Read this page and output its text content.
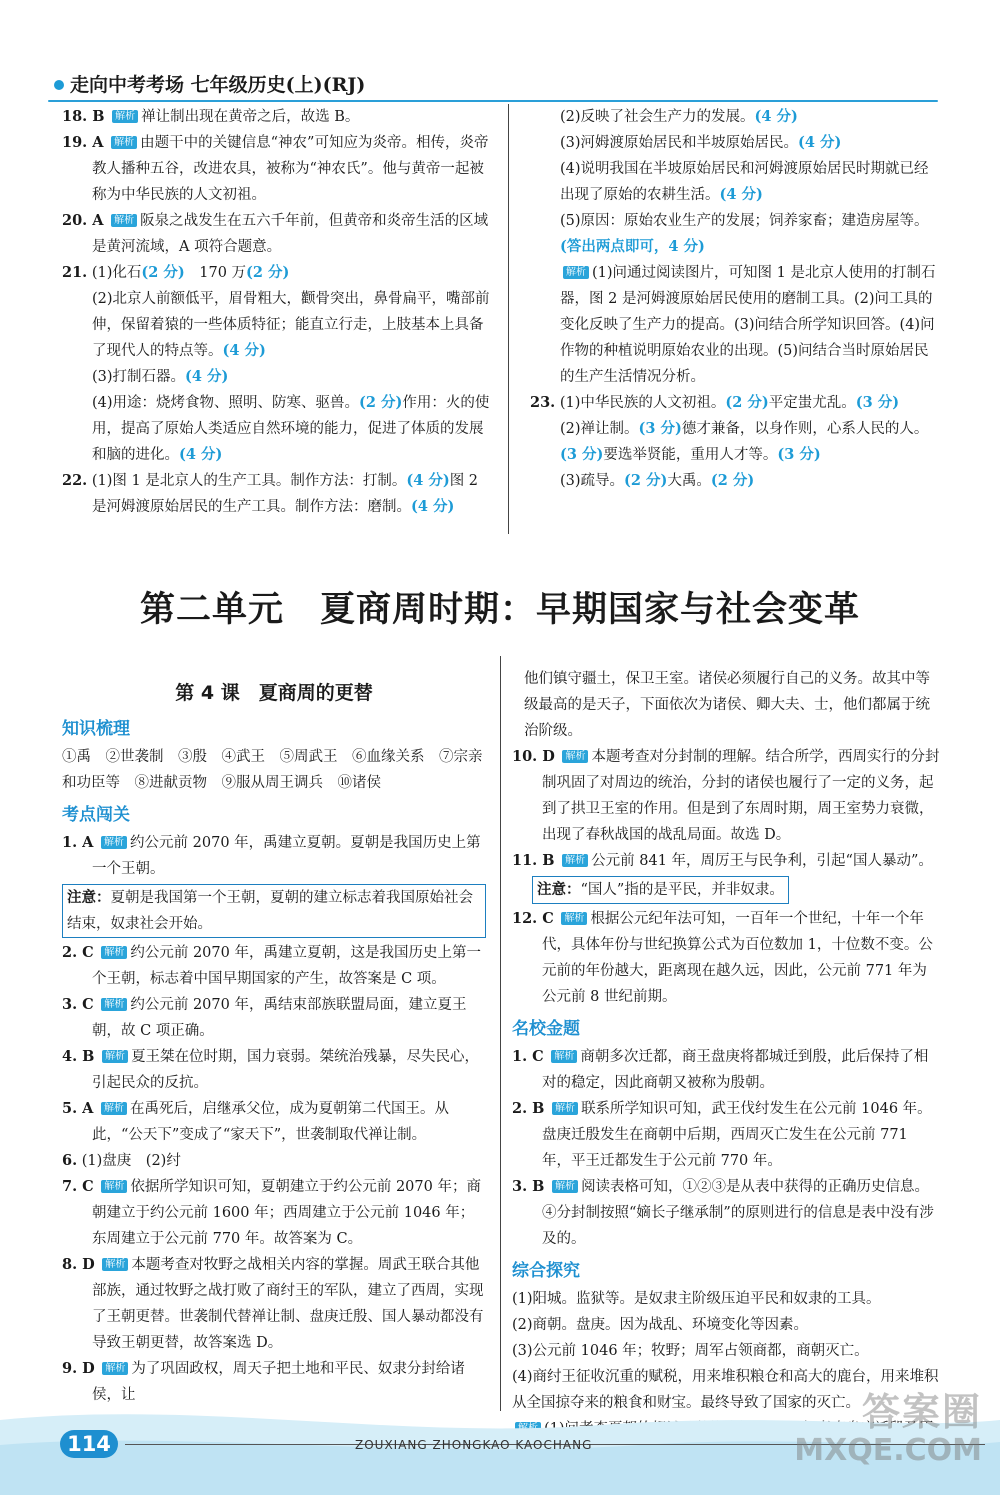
走向中考考场 七年级历史(上)(RJ)

18. B 解析 禅让制出现在黄帝之后，故选 B。

19. A 解析 由题干中的关键信息“神农”可知应为炎帝。相传，炎帝教人播种五谷，改进农具，被称为“神农氏”。他与黄帝一起被称为中华民族的人文初祖。

20. A 解析 阪泉之战发生在五六千年前，但黄帝和炎帝生活的区域是黄河流域，A 项符合题意。

21. (1)化石(2 分)　 170 万(2 分)

(2)北京人前额低平，眉骨粗大，颧骨突出，鼻骨扁平，嘴部前伸，保留着猿的一些体质特征；能直立行走，上肢基本上具备了现代人的特点等。(4 分)

(3)打制石器。(4 分)

(4)用途：烧烤食物、照明、防寒、驱兽。(2 分)作用：火的使用，提高了原始人类适应自然环境的能力，促进了体质的发展和脑的进化。(4 分)

22. (1)图 1 是北京人的生产工具。制作方法：打制。(4 分)图 2 是河姆渡原始居民的生产工具。制作方法：磨制。(4 分)

(2)反映了社会生产力的发展。(4 分)

(3)河姆渡原始居民和半坡原始居民。(4 分)

(4)说明我国在半坡原始居民和河姆渡原始居民时期就已经出现了原始的农耕生活。(4 分)

(5)原因：原始农业生产的发展；饲养家畜；建造房屋等。(答出两点即可，4 分)

解析 (1)问通过阅读图片，可知图 1 是北京人使用的打制石器，图 2 是河姆渡原始居民使用的磨制工具。(2)问工具的变化反映了生产力的提高。(3)问结合所学知识回答。(4)问作物的种植说明原始农业的出现。(5)问结合当时原始居民的生产生活情况分析。

23. (1)中华民族的人文初祖。(2 分)平定蚩尤乱。(3 分)

(2)禅让制。(3 分)德才兼备，以身作则，心系人民的人。(3 分)要选举贤能，重用人才等。(3 分)

(3)疏导。(2 分)大禹。(2 分)

第二单元　夏商周时期：早期国家与社会变革
第 4 课　夏商周的更替
知识梳理

①禹　②世袭制　③殷　④武王　⑤周武王　⑥血缘关系　⑦宗亲

和功臣等　⑧进献贡物　⑨服从周王调兵　⑩诸侯

考点闯关

1. A 解析 约公元前 2070 年，禹建立夏朝。夏朝是我国历史上第一个王朝。

注意：夏朝是我国第一个王朝，夏朝的建立标志着我国原始社会结束，奴隶社会开始。

2. C 解析 约公元前 2070 年，禹建立夏朝，这是我国历史上第一个王朝，标志着中国早期国家的产生，故答案是 C 项。

3. C 解析 约公元前 2070 年，禹结束部族联盟局面，建立夏王朝，故 C 项正确。

4. B 解析 夏王桀在位时期，国力衰弱。桀统治残暴，尽失民心，引起民众的反抗。

5. A 解析 在禹死后，启继承父位，成为夏朝第二代国王。从此，“公天下”变成了“家天下”，世袭制取代禅让制。

6. (1)盘庚　(2)纣

7. C 解析 依据所学知识可知，夏朝建立于约公元前 2070 年；商朝建立于约公元前 1600 年；西周建立于公元前 1046 年；东周建立于公元前 770 年。故答案为 C。

8. D 解析 本题考查对牧野之战相关内容的掌握。周武王联合其他部族，通过牧野之战打败了商纣王的军队，建立了西周，实现了王朝更替。世袭制代替禅让制、盘庚迁殷、国人暴动都没有导致王朝更替，故答案选 D。

9. D 解析 为了巩固政权，周天子把土地和平民、奴隶分封给诸侯，让

他们镇守疆土，保卫王室。诸侯必须履行自己的义务。故其中等级最高的是天子，下面依次为诸侯、卿大夫、士，他们都属于统治阶级。

10. D 解析 本题考查对分封制的理解。结合所学，西周实行的分封制巩固了对周边的统治，分封的诸侯也履行了一定的义务，起到了拱卫王室的作用。但是到了东周时期，周王室势力衰微，出现了春秋战国的战乱局面。故选 D。

11. B 解析 公元前 841 年，周厉王与民争利，引起“国人暴动”。

注意：“国人”指的是平民，并非奴隶。

12. C 解析 根据公元纪年法可知，一百年一个世纪，十年一个年代，具体年份与世纪换算公式为百位数加 1，十位数不变。公元前的年份越大，距离现在越久远，因此，公元前 771 年为公元前 8 世纪前期。

名校金题

1. C 解析 商朝多次迁都，商王盘庚将都城迁到殷，此后保持了相对的稳定，因此商朝又被称为殷朝。

2. B 解析 联系所学知识可知，武王伐纣发生在公元前 1046 年。盘庚迁殷发生在商朝中后期，西周灭亡发生在公元前 771 年，平王迁都发生于公元前 770 年。

3. B 解析 阅读表格可知，①②③是从表中获得的正确历史信息。④分封制按照“嫡长子继承制”的原则进行的信息是表中没有涉及的。

综合探究

(1)阳城。监狱等。是奴隶主阶级压迫平民和奴隶的工具。

(2)商朝。盘庚。因为战乱、环境变化等因素。

(3)公元前 1046 年；牧野；周军占领商都，商朝灭亡。

(4)商纣王征收沉重的赋税，用来堆积粮仓和高大的鹿台，用来堆积从全国掠夺来的粮食和财宝。最终导致了国家的灭亡。

114	ZOUXIANG ZHONGKAO KAOCHANG
答案圈
MXQE.COM
